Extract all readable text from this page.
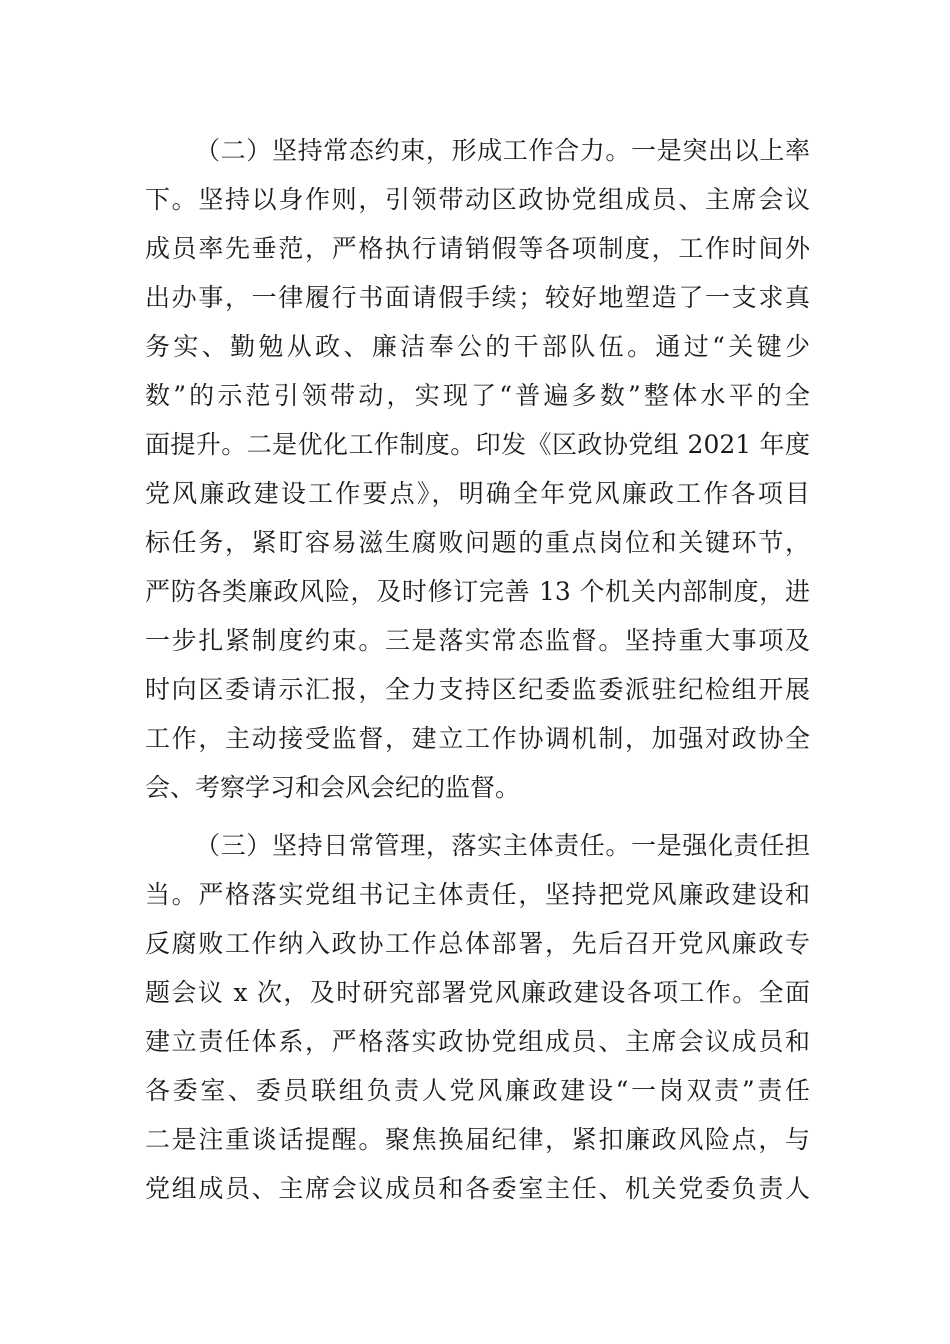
（二）坚持常态约束，形成工作合力。一是突出以上率
下。坚持以身作则，引领带动区政协党组成员、主席会议
成员率先垂范，严格执行请销假等各项制度，工作时间外
出办事，一律履行书面请假手续；较好地塑造了一支求真
务实、勤勉从政、廉洁奉公的干部队伍。通过“关键少
数”的示范引领带动，实现了“普遍多数”整体水平的全
面提升。二是优化工作制度。印发《区政协党组 2021 年度
党风廉政建设工作要点》，明确全年党风廉政工作各项目
标任务，紧盯容易滋生腐败问题的重点岗位和关键环节，
严防各类廉政风险，及时修订完善 13 个机关内部制度，进
一步扎紧制度约束。三是落实常态监督。坚持重大事项及
时向区委请示汇报，全力支持区纪委监委派驻纪检组开展
工作，主动接受监督，建立工作协调机制，加强对政协全
会、考察学习和会风会纪的监督。
（三）坚持日常管理，落实主体责任。一是强化责任担
当。严格落实党组书记主体责任，坚持把党风廉政建设和
反腐败工作纳入政协工作总体部署，先后召开党风廉政专
题会议 x 次，及时研究部署党风廉政建设各项工作。全面
建立责任体系，严格落实政协党组成员、主席会议成员和
各委室、委员联组负责人党风廉政建设“一岗双责”责任
二是注重谈话提醒。聚焦换届纪律，紧扣廉政风险点，与
党组成员、主席会议成员和各委室主任、机关党委负责人
